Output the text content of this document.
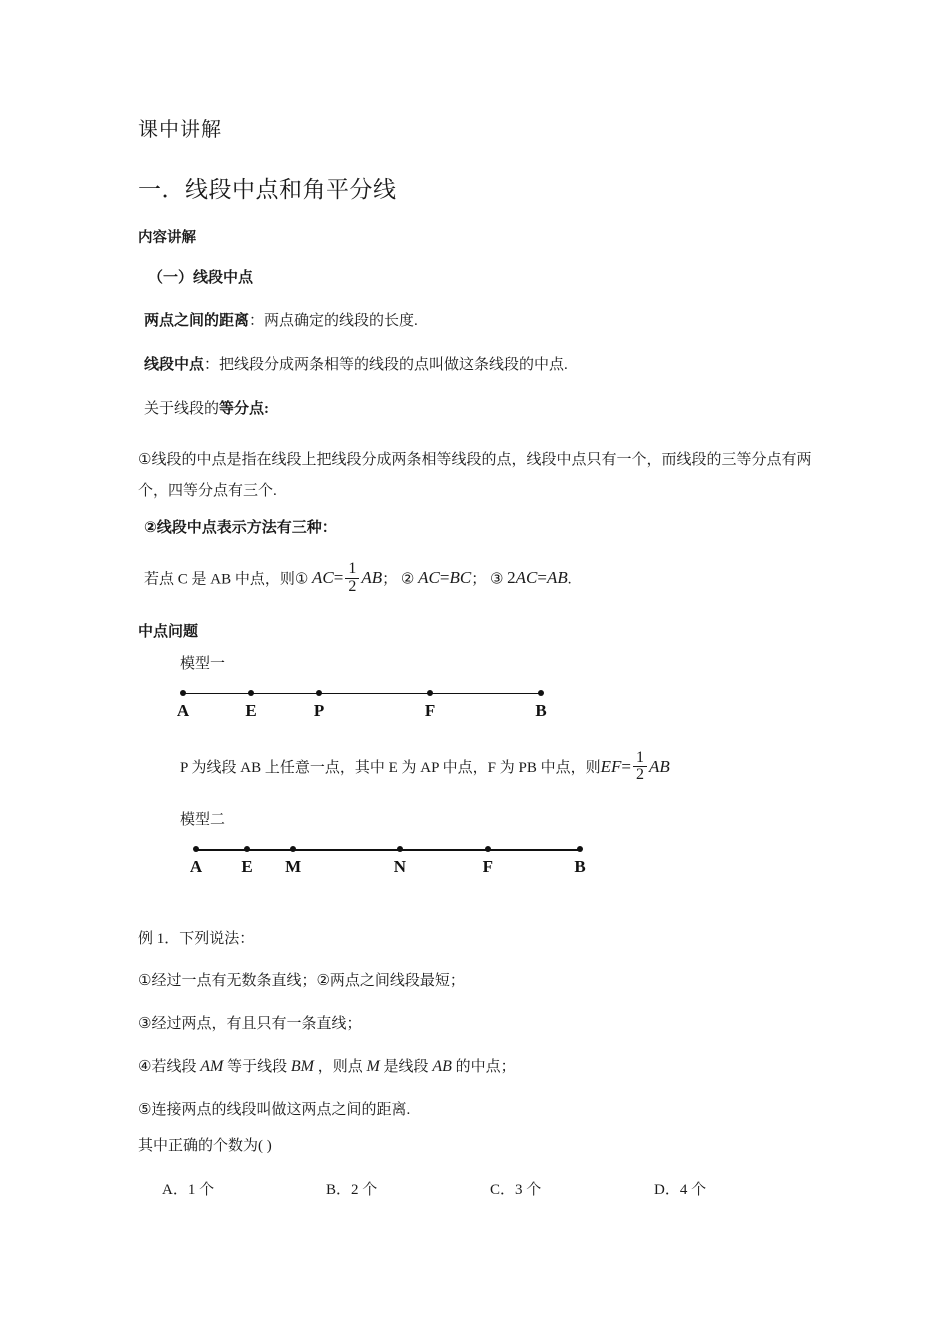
课中讲解
一．线段中点和角平分线
内容讲解
（一）线段中点

两点之间的距离：两点确定的线段的长度.

线段中点：把线段分成两条相等的线段的点叫做这条线段的中点.

关于线段的等分点:

①线段的中点是指在线段上把线段分成两条相等线段的点，线段中点只有一个，而线段的三等分点有两个，四等分点有三个.

②线段中点表示方法有三种：

若点 C 是 AB 中点，则① $AC= \frac{1}{2}$ AB； ② AC=BC； ③ 2AC=AB.
中点问题
模型一
A	E	P	F	B
P 为线段 AB 上任意一点，其中 E 为 AP 中点，F 为 PB 中点，则$EF= \frac{1}{2}$ AB
模型二
A E M	N	F	B

例 1．下列说法：

①经过一点有无数条直线；②两点之间线段最短；

③经过两点，有且只有一条直线；

④若线段 AM 等于线段 BM ，则点 M 是线段 AB 的中点；

⑤连接两点的线段叫做这两点之间的距离.

其中正确的个数为( )

A．1 个	B．2 个	C．3 个	D．4 个
